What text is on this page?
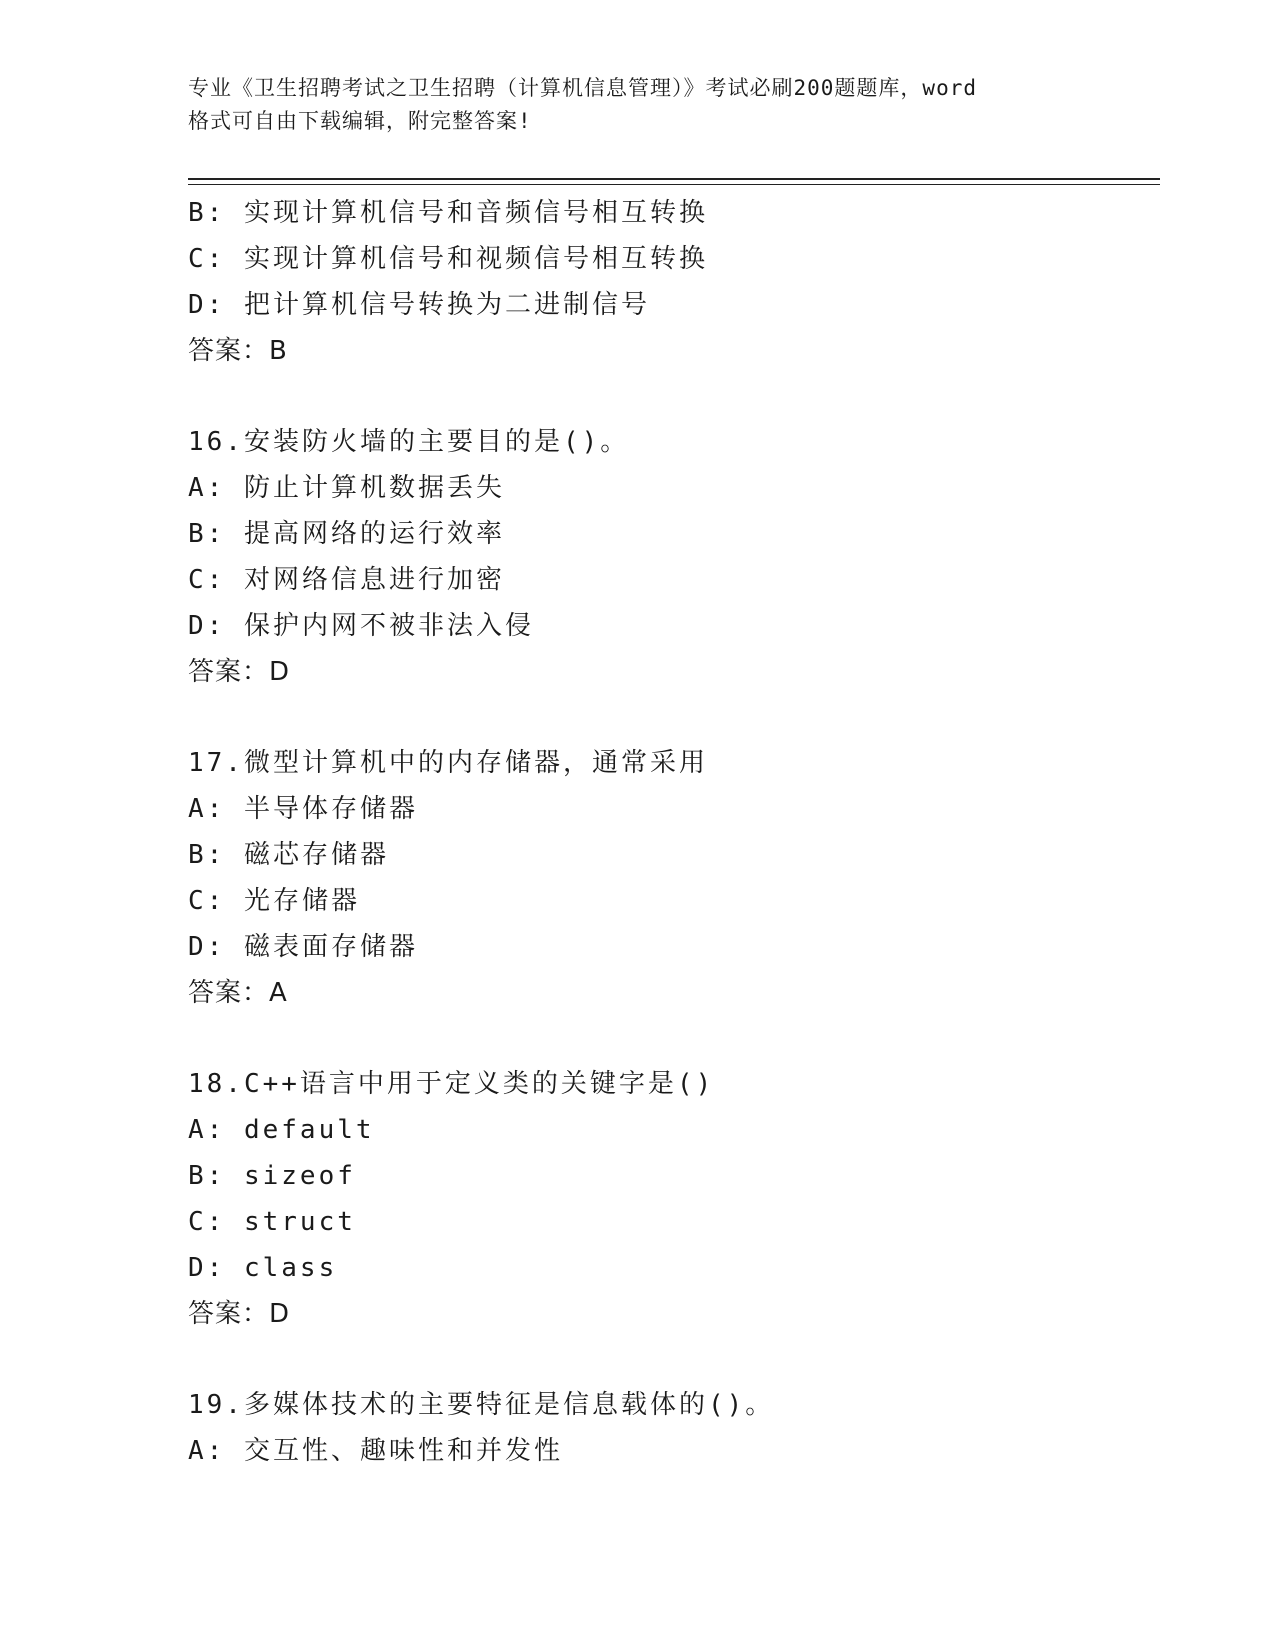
专业《卫生招聘考试之卫生招聘（计算机信息管理）》考试必刷200题题库，word
格式可自由下载编辑，附完整答案!
B: 实现计算机信号和音频信号相互转换
C: 实现计算机信号和视频信号相互转换
D: 把计算机信号转换为二进制信号
答案：B
16.安装防火墙的主要目的是()。
A: 防止计算机数据丢失
B: 提高网络的运行效率
C: 对网络信息进行加密
D: 保护内网不被非法入侵
答案：D
17.微型计算机中的内存储器，通常采用
A: 半导体存储器
B: 磁芯存储器
C: 光存储器
D: 磁表面存储器
答案：A
18.C++语言中用于定义类的关键字是()
A: default
B: sizeof
C: struct
D: class
答案：D
19.多媒体技术的主要特征是信息载体的()。
A: 交互性、趣味性和并发性
